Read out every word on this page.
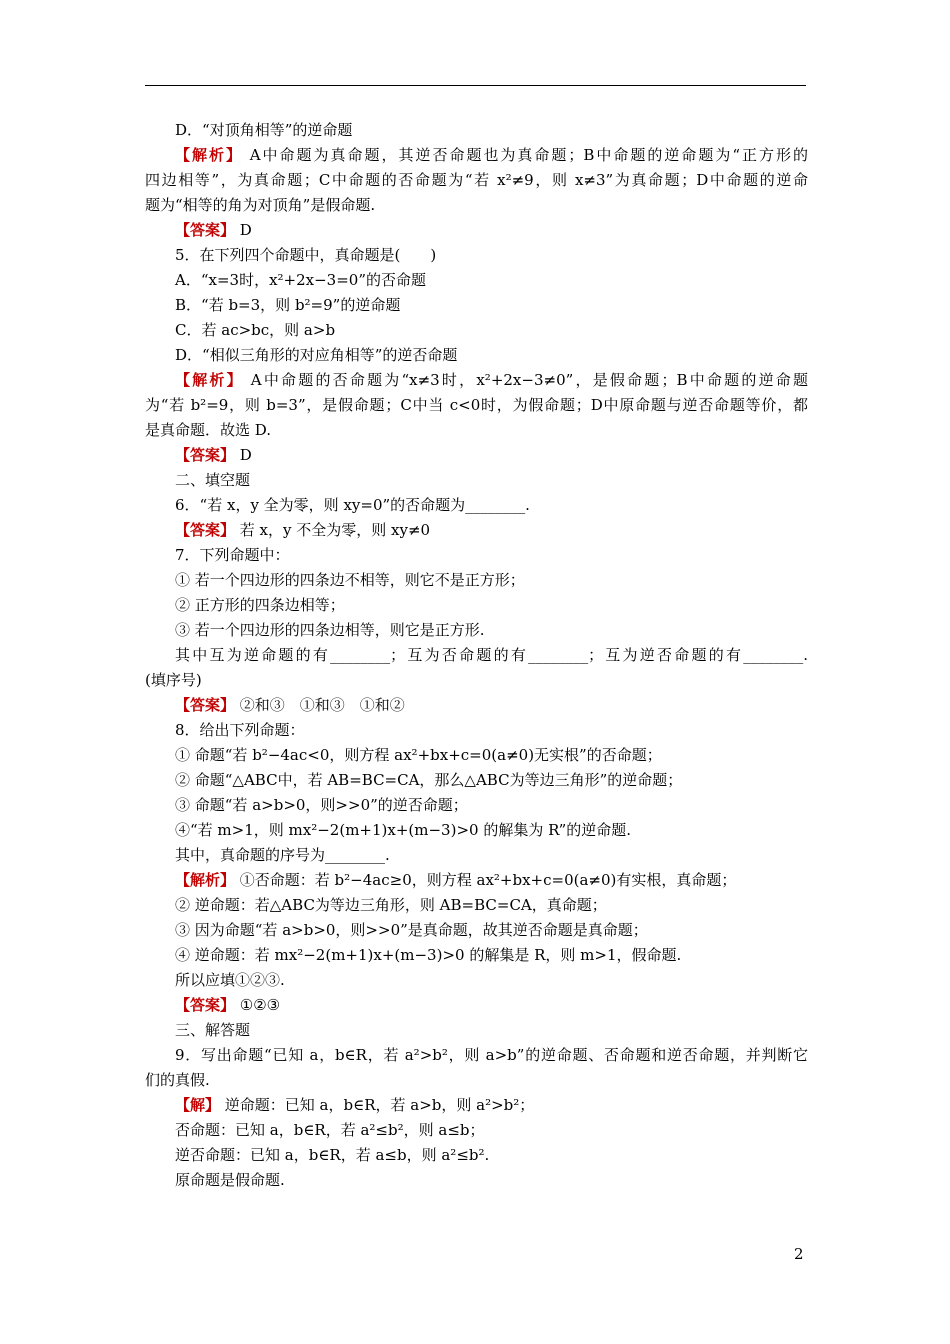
D．“对顶角相等”的逆命题
【解析】 A中命题为真命题，其逆否命题也为真命题；B中命题的逆命题为“正方形的
四边相等”，为真命题；C中命题的否命题为“若 x²≠9，则 x≠3”为真命题；D中命题的逆命
题为“相等的角为对顶角”是假命题.
【答案】 D
5．在下列四个命题中，真命题是(　　)
A．“x=3时，x²+2x−3=0”的否命题
B．“若 b=3，则 b²=9”的逆命题
C．若 ac>bc，则 a>b
D．“相似三角形的对应角相等”的逆否命题
【解析】 A中命题的否命题为“x≠3时，x²+2x−3≠0”，是假命题；B中命题的逆命题
为“若 b²=9，则 b=3”，是假命题；C中当 c<0时，为假命题；D中原命题与逆否命题等价，都
是真命题．故选 D.
【答案】 D
二、填空题
6．“若 x，y 全为零，则 xy=0”的否命题为________.
【答案】 若 x，y 不全为零，则 xy≠0
7．下列命题中：
① 若一个四边形的四条边不相等，则它不是正方形；
② 正方形的四条边相等；
③ 若一个四边形的四条边相等，则它是正方形.
其中互为逆命题的有________；互为否命题的有________；互为逆否命题的有________.
(填序号)
【答案】 ②和③　①和③　①和②
8．给出下列命题：
① 命题“若 b²−4ac<0，则方程 ax²+bx+c=0(a≠0)无实根”的否命题；
② 命题“△ABC中，若 AB=BC=CA，那么△ABC为等边三角形”的逆命题；
③ 命题“若 a>b>0，则>>0”的逆否命题；
④“若 m>1，则 mx²−2(m+1)x+(m−3)>0 的解集为 R”的逆命题.
其中，真命题的序号为________.
【解析】 ①否命题：若 b²−4ac≥0，则方程 ax²+bx+c=0(a≠0)有实根，真命题；
② 逆命题：若△ABC为等边三角形，则 AB=BC=CA，真命题；
③ 因为命题“若 a>b>0，则>>0”是真命题，故其逆否命题是真命题；
④ 逆命题：若 mx²−2(m+1)x+(m−3)>0 的解集是 R，则 m>1，假命题.
所以应填①②③.
【答案】 ①②③
三、解答题
9．写出命题“已知 a，b∈R，若 a²>b²，则 a>b”的逆命题、否命题和逆否命题，并判断它
们的真假.
【解】 逆命题：已知 a，b∈R，若 a>b，则 a²>b²；
否命题：已知 a，b∈R，若 a²≤b²，则 a≤b；
逆否命题：已知 a，b∈R，若 a≤b，则 a²≤b².
原命题是假命题.
2
